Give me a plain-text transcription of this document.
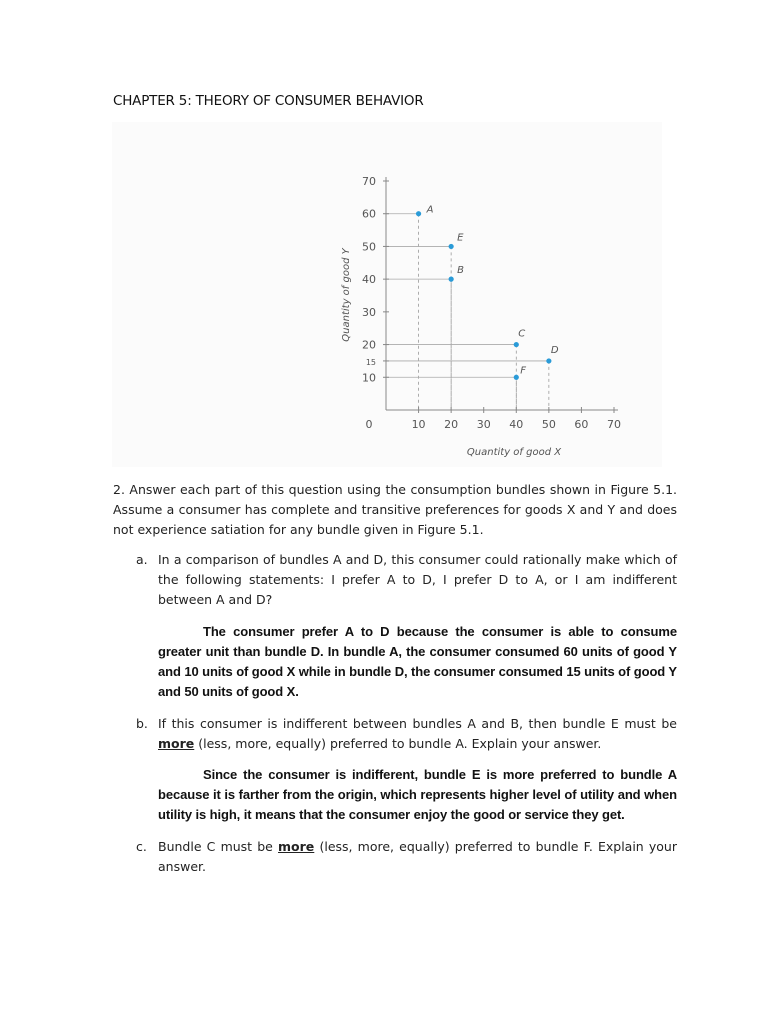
CHAPTER 5: THEORY OF CONSUMER BEHAVIOR
10
15
20
30
40
50
60
70
0	10 20 30 40 50 60 70
A
E
B
C
D
F
Quantity of good X
Quantity of good Y
2. Answer each part of this question using the consumption bundles shown in Figure 5.1. Assume a consumer has complete and transitive preferences for goods X and Y and does not experience satiation for any bundle given in Figure 5.1.
a. In a comparison of bundles A and D, this consumer could rationally make which of the following statements: I prefer A to D, I prefer D to A, or I am indifferent between A and D?
The consumer prefer A to D because the consumer is able to consume greater unit than bundle D. In bundle A, the consumer consumed 60 units of good Y and 10 units of good X while in bundle D, the consumer consumed 15 units of good Y and 50 units of good X.
b. If this consumer is indifferent between bundles A and B, then bundle E must be more (less, more, equally) preferred to bundle A. Explain your answer.
Since the consumer is indifferent, bundle E is more preferred to bundle A because it is farther from the origin, which represents higher level of utility and when utility is high, it means that the consumer enjoy the good or service they get.
c. Bundle C must be more (less, more, equally) preferred to bundle F. Explain your answer.
